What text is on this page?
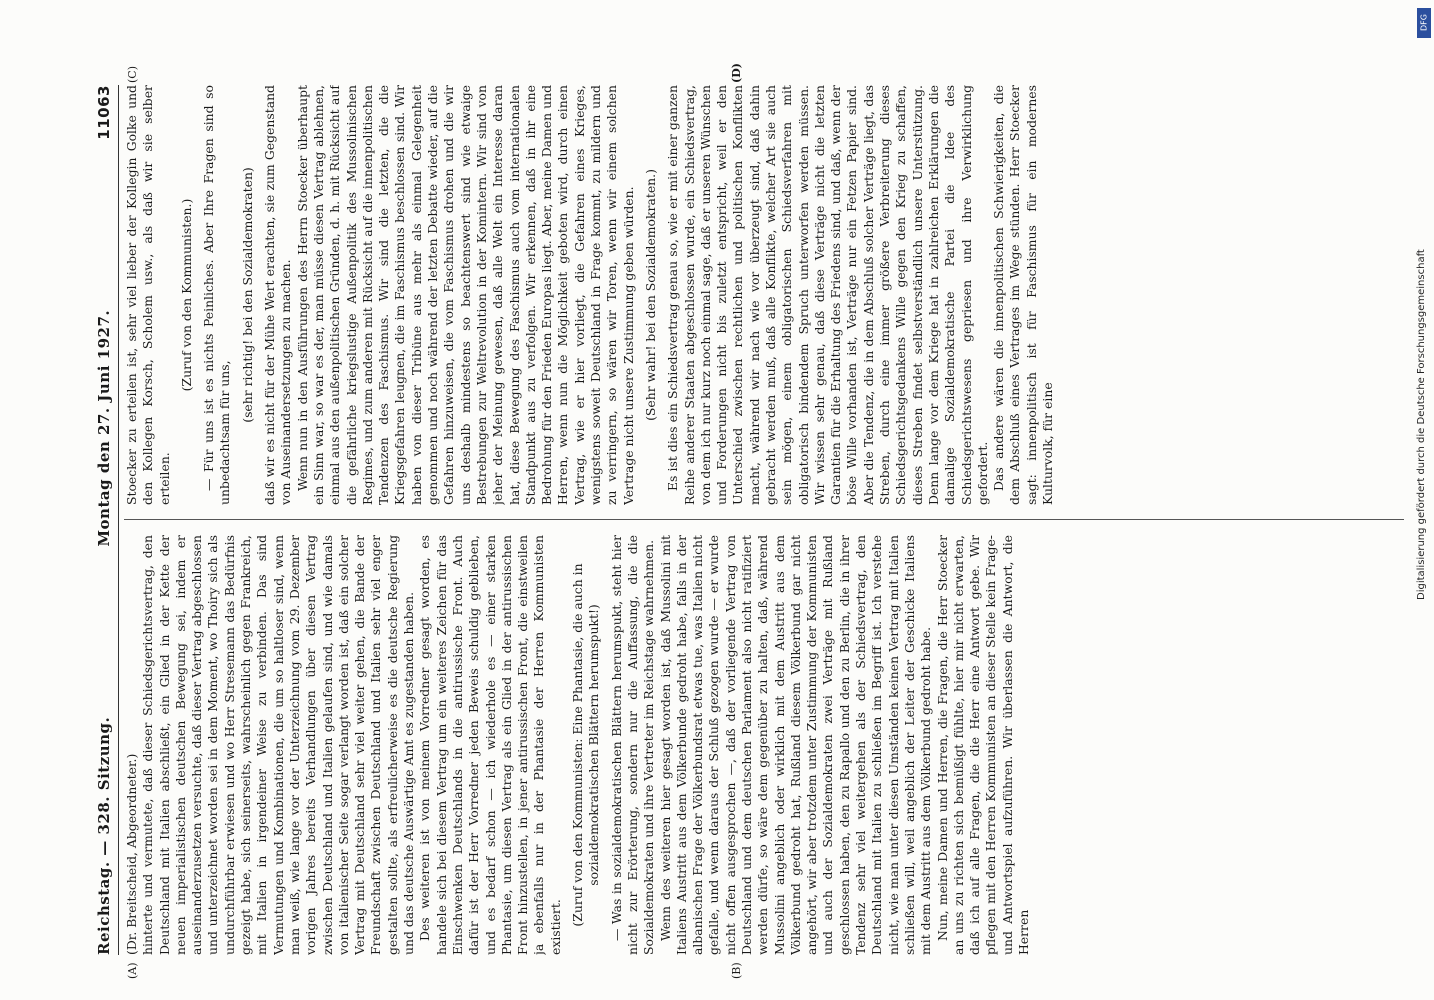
Reichstag. — 328. Sitzung.
Montag den 27. Juni 1927.
11063

(Dr. Breitscheid, Abgeordneter.) hinterte und vermutete, daß dieser Schiedsgerichtsvertrag, den Deutschland mit Italien abschließt, ein Glied in der Kette der neuen imperialistischen deutschen Bewegung sei, indem er auseinanderzusetzen versuchte, daß dieser Vertrag abgeschlossen und unterzeichnet worden sei in dem Moment, wo Thoiry sich als undurchführbar erwiesen und wo Herr Stresemann das Bedürfnis gezeigt habe, sich seinerseits, wahrscheinlich gegen Frankreich, mit Italien in irgendeiner Weise zu verbinden. Das sind Vermutungen und Kombinationen, die um so haltloser sind, wenn man weiß, wie lange vor der Unterzeichnung vom 29. Dezember vorigen Jahres bereits Verhandlungen über diesen Vertrag zwischen Deutschland und Italien gelaufen sind, und wie damals von italienischer Seite sogar verlangt worden ist, daß ein solcher Vertrag mit Deutschland sehr viel weiter gehen, die Bande der Freundschaft zwischen Deutschland und Italien sehr viel enger gestalten sollte, als erfreulicherweise es die deutsche Regierung und das deutsche Auswärtige Amt es zugestanden haben. Des weiteren ist von meinem Vorredner gesagt worden, es handele sich bei diesem Vertrag um ein weiteres Zeichen für das Einschwenken Deutschlands in die antirussische Front. Auch dafür ist der Herr Vorredner jeden Beweis schuldig geblieben, und es bedarf schon — ich wiederhole es — einer starken Phantasie, um diesen Vertrag als ein Glied in der antirussischen Front hinzustellen, in jener antirussischen Front, die einstweilen ja ebenfalls nur in der Phantasie der Herren Kommunisten existiert.

(Zuruf von den Kommunisten: Eine Phantasie, die auch in sozialdemokratischen Blättern herumspukt!) — Was in sozialdemokratischen Blättern herumspukt, steht hier nicht zur Erörterung, sondern nur die Auffassung, die die Sozialdemokraten und ihre Vertreter im Reichstage wahrnehmen. Wenn des weiteren hier gesagt worden ist, daß Mussolini mit Italiens Austritt aus dem Völkerbunde gedroht habe, falls in der albanischen Frage der Völkerbundsrat etwas tue, was Italien nicht gefalle, und wenn daraus der Schluß gezogen wurde — er wurde nicht offen ausgesprochen —, daß der vorliegende Vertrag von Deutschland und dem deutschen Parlament also nicht ratifiziert werden dürfe, so wäre dem gegenüber zu halten, daß, während Mussolini angeblich oder wirklich mit dem Austritt aus dem Völkerbund gedroht hat, Rußland diesem Völkerbund gar nicht angehört, wir aber trotzdem unter Zustimmung der Kommunisten und auch der Sozialdemokraten zwei Verträge mit Rußland geschlossen haben, den zu Rapallo und den zu Berlin, die in ihrer Tendenz sehr viel weitergehen als der Schiedsvertrag, den Deutschland mit Italien zu schließen im Begriff ist. Ich verstehe nicht, wie man unter diesen Umständen keinen Vertrag mit Italien schließen will, weil angeblich der Leiter der Geschicke Italiens mit dem Austritt aus dem Völkerbund gedroht habe. Nun, meine Damen und Herren, die Fragen, die Herr Stoecker an uns zu richten sich bemüßigt fühlte, hier mir nicht erwarten, daß ich auf alle Fragen, die die Herr eine Antwort gebe. Wir pflegen mit den Herren Kommunisten an dieser Stelle kein Frage- und Antwortspiel aufzuführen. Wir überlassen die Antwort, die Herren

Stoecker zu erteilen ist, sehr viel lieber der Kollegin Golke und den Kollegen Korsch, Scholem usw., als daß wir sie selber erteilen.

(Zuruf von den Kommunisten.) — Für uns ist es nichts Peinliches. Aber Ihre Fragen sind so unbedachtsam für uns,

(sehr richtig! bei den Sozialdemokraten) daß wir es nicht für der Mühe Wert erachten, sie zum Gegenstand von Auseinandersetzungen zu machen. Wenn nun in den Ausführungen des Herrn Stoecker überhaupt ein Sinn war, so war es der, man müsse diesen Vertrag ablehnen, einmal aus den außenpolitischen Gründen, d. h. mit Rücksicht auf die gefährliche kriegslustige Außenpolitik des Mussolinischen Regimes, und zum anderen mit Rücksicht auf die innenpolitischen Tendenzen des Faschismus. Wir sind die letzten, die die Kriegsgefahren leugnen, die im Faschismus beschlossen sind. Wir haben von dieser Tribüne aus mehr als einmal Gelegenheit genommen und noch während der letzten Debatte wieder, auf die Gefahren hinzuweisen, die vom Faschismus drohen und die wir uns deshalb mindestens so beachtenswert sind wie etwaige Bestrebungen zur Weltrevolution in der Komintern. Wir sind von jeher der Meinung gewesen, daß alle Welt ein Interesse daran hat, diese Bewegung des Faschismus auch vom internationalen Standpunkt aus zu verfolgen. Wir erkennen, daß in ihr eine Bedrohung für den Frieden Europas liegt. Aber, meine Damen und Herren, wenn nun die Möglichkeit geboten wird, durch einen Vertrag, wie er hier vorliegt, die Gefahren eines Krieges, wenigstens soweit Deutschland in Frage kommt, zu mildern und zu verringern, so wären wir Toren, wenn wir einem solchen Vertrage nicht unsere Zustimmung geben würden. (Sehr wahr! bei den Sozialdemokraten.) Es ist dies ein Schiedsvertrag genau so, wie er mit einer ganzen Reihe anderer Staaten abgeschlossen wurde, ein Schiedsvertrag, von dem ich nur kurz noch einmal sage, daß er unseren Wünschen und Forderungen nicht bis zuletzt entspricht, weil er den Unterschied zwischen rechtlichen und politischen Konflikten macht, während wir nach wie vor überzeugt sind, daß dahin gebracht werden muß, daß alle Konflikte, welcher Art sie auch sein mögen, einem obligatorischen Schiedsverfahren mit obligatorisch bindendem Spruch unterworfen werden müssen. Wir wissen sehr genau, daß diese Verträge nicht die letzten Garantien für die Erhaltung des Friedens sind, und daß, wenn der böse Wille vorhanden ist, Verträge nur ein Fetzen Papier sind. Aber die Tendenz, die in dem Abschluß solcher Verträge liegt, das Streben, durch eine immer größere Verbreiterung dieses Schiedsgerichtsgedankens Wille gegen den Krieg zu schaffen, dieses Streben findet selbstverständlich unsere Unterstützung. Denn lange vor dem Kriege hat in zahlreichen Erklärungen die damalige Sozialdemokratische Partei die Idee des Schiedsgerichtswesens gepriesen und ihre Verwirklichung gefordert. Das andere wären die innenpolitischen Schwierigkeiten, die dem Abschluß eines Vertrages im Wege stünden. Herr Stoecker sagt: innenpolitisch ist für Faschismus für ein modernes Kulturvolk, für eine

(A)	(B)
(C)	(D)
DFG
Digitalisierung gefördert durch die Deutsche Forschungsgemeinschaft
